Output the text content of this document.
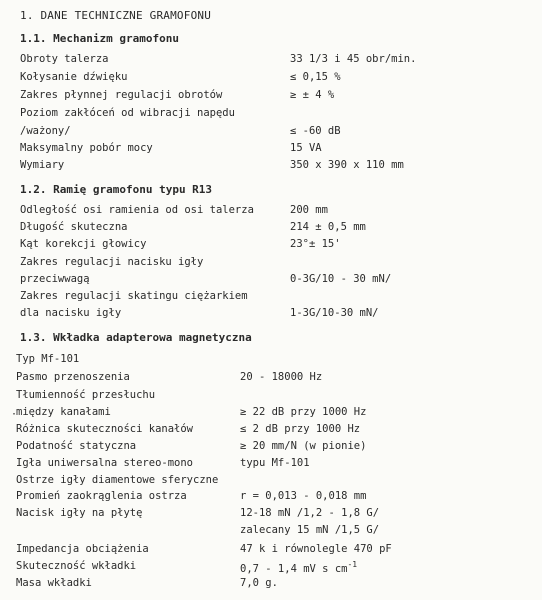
1. DANE TECHNICZNE GRAMOFONU
1.1. Mechanizm gramofonu
Obroty talerza	33 1/3 i 45 obr/min.
Kołysanie dźwięku	≤ 0,15 %
Zakres płynnej regulacji obrotów	≥ ± 4 %
Poziom zakłóceń od wibracji napędu
/ważony/	≤ -60 dB
Maksymalny pobór mocy	15 VA
Wymiary	350 x 390 x 110 mm
1.2. Ramię gramofonu typu R13
Odległość osi ramienia od osi talerza	200 mm
Długość skuteczna	214 ± 0,5 mm
Kąt korekcji głowicy	23°± 15'
Zakres regulacji nacisku igły
przeciwwagą	0-3G/10 - 30 mN/
Zakres regulacji skatingu ciężarkiem
dla nacisku igły	1-3G/10-30 mN/
1.3. Wkładka adapterowa magnetyczna
Typ Mf-101
Pasmo przenoszenia	20 - 18000 Hz
Tłumienność przesłuchu
między kanałami	≥ 22 dB przy 1000 Hz
Różnica skuteczności kanałów	≤ 2 dB przy 1000 Hz
Podatność statyczna	≥ 20 mm/N (w pionie)
Igła uniwersalna stereo-mono	typu Mf-101
Ostrze igły diamentowe sferyczne
Promień zaokrąglenia ostrza	r = 0,013 - 0,018 mm
Nacisk igły na płytę	12-18 mN /1,2 - 1,8 G/
zalecany 15 mN /1,5 G/
Impedancja obciążenia	47 k i równolegle 470 pF
Skuteczność wkładki	0,7 - 1,4 mV s $cm^{-1}$
Masa wkładki	7,0 g.
·
